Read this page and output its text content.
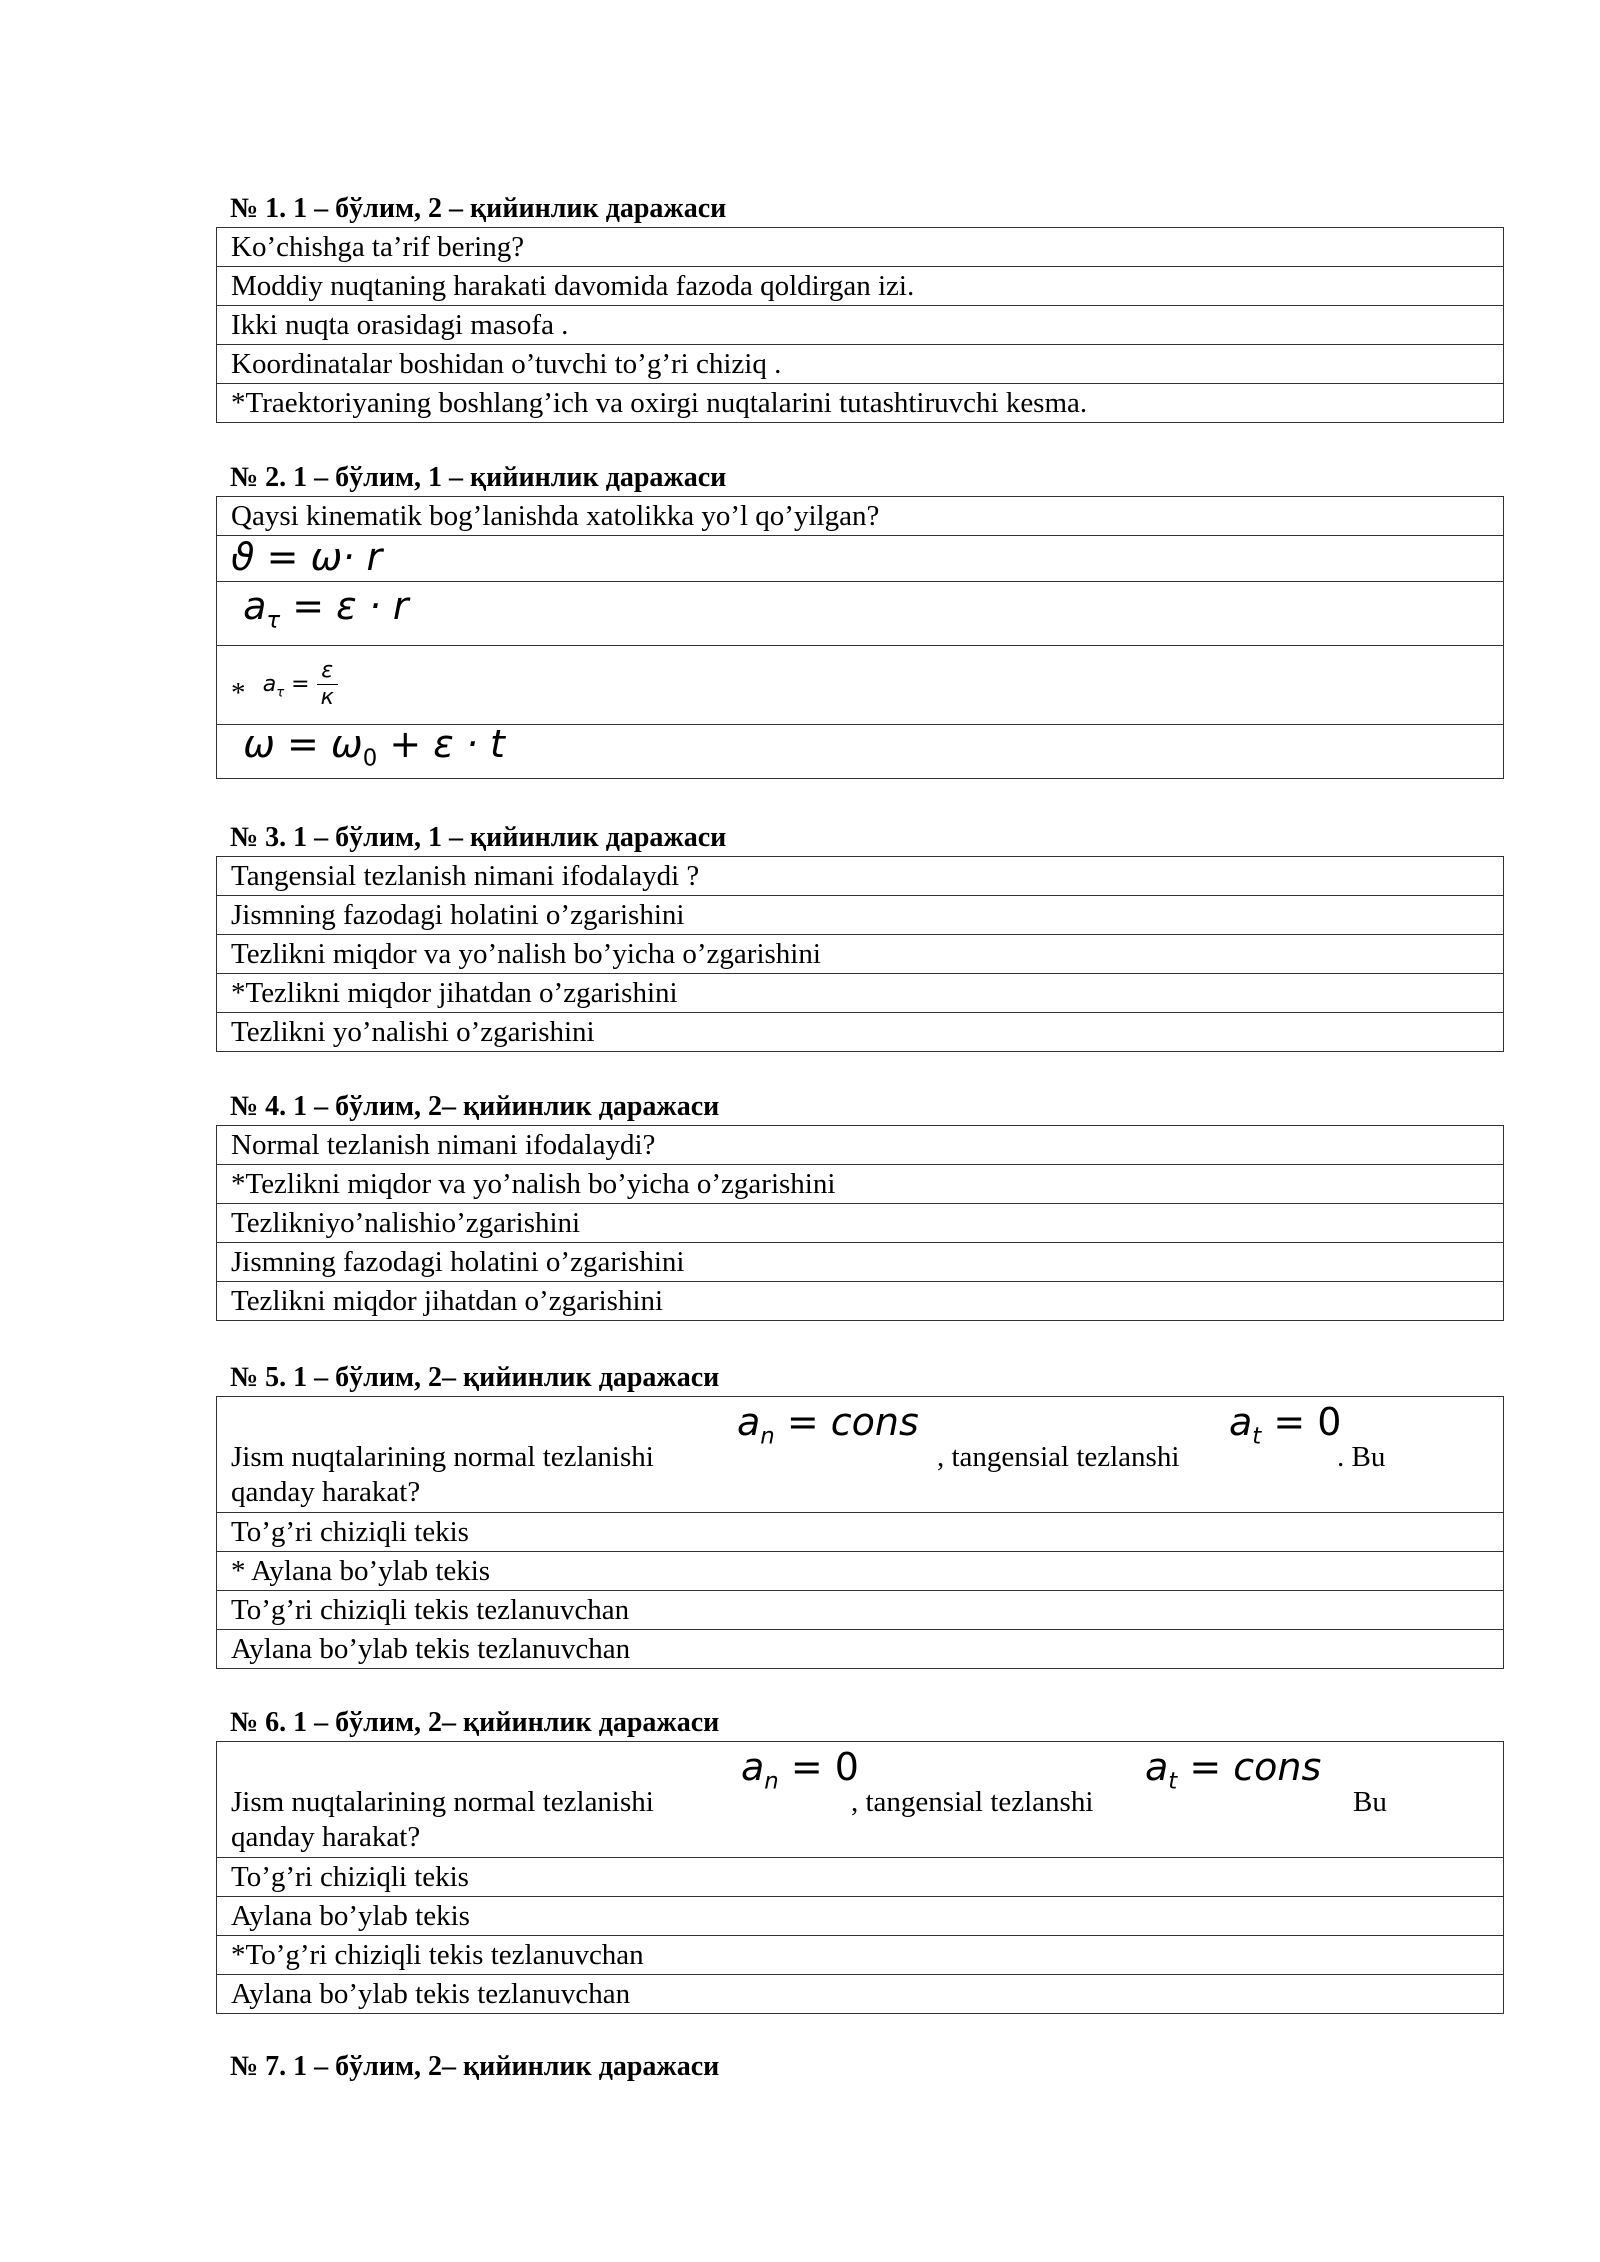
№ 1. 1 – бўлим, 2 – қийинлик даражаси
Ko’chishga ta’rif bering?
Moddiy nuqtaning harakati davomida fazoda qoldirgan izi.
Ikki nuqta orasidagi masofa .
Koordinatalar boshidan o’tuvchi to’g’ri chiziq .
*Traektoriyaning boshlang’ich va oxirgi nuqtalarini tutashtiruvchi kesma.
№ 2. 1 – бўлим, 1 – қийинлик даражаси
Qaysi kinematik bog’lanishda xatolikka yo’l qo’yilgan?
ϑ = ω· r
$a_\tau = \varepsilon \cdot r$
* $a_\tau = \frac{\varepsilon}{к}$

$\omega = \omega_0 + \varepsilon \cdot t$
№ 3. 1 – бўлим, 1 – қийинлик даражаси
Tangensial tezlanish nimani ifodalaydi ?
Jismning fazodagi holatini o’zgarishini
Tezlikni miqdor va yo’nalish bo’yicha o’zgarishini
*Tezlikni miqdor jihatdan o’zgarishini
Tezlikni yo’nalishi o’zgarishini
№ 4. 1 – бўлим, 2– қийинлик даражаси
Normal tezlanish nimani ifodalaydi?
*Tezlikni miqdor va yo’nalish bo’yicha o’zgarishini
Tezlikniyo’nalishio’zgarishini
Jismning fazodagi holatini o’zgarishini
Tezlikni miqdor jihatdan o’zgarishini
№ 5. 1 – бўлим, 2– қийинлик даражаси
Jism nuqtalarining normal tezlanishi
$a_n$ = cons
, tangensial tezlanshi
$a_t = 0$
. Bu
qanday harakat?

To’g’ri chiziqli tekis
* Aylana bo’ylab tekis
To’g’ri chiziqli tekis tezlanuvchan
Aylana bo’ylab tekis tezlanuvchan
№ 6. 1 – бўлим, 2– қийинлик даражаси
Jism nuqtalarining normal tezlanishi
$a_n = 0$
, tangensial tezlanshi
$a_t$ = cons
Bu
qanday harakat?

To’g’ri chiziqli tekis
Aylana bo’ylab tekis
*To’g’ri chiziqli tekis tezlanuvchan
Aylana bo’ylab tekis tezlanuvchan
№ 7. 1 – бўлим, 2– қийинлик даражаси
